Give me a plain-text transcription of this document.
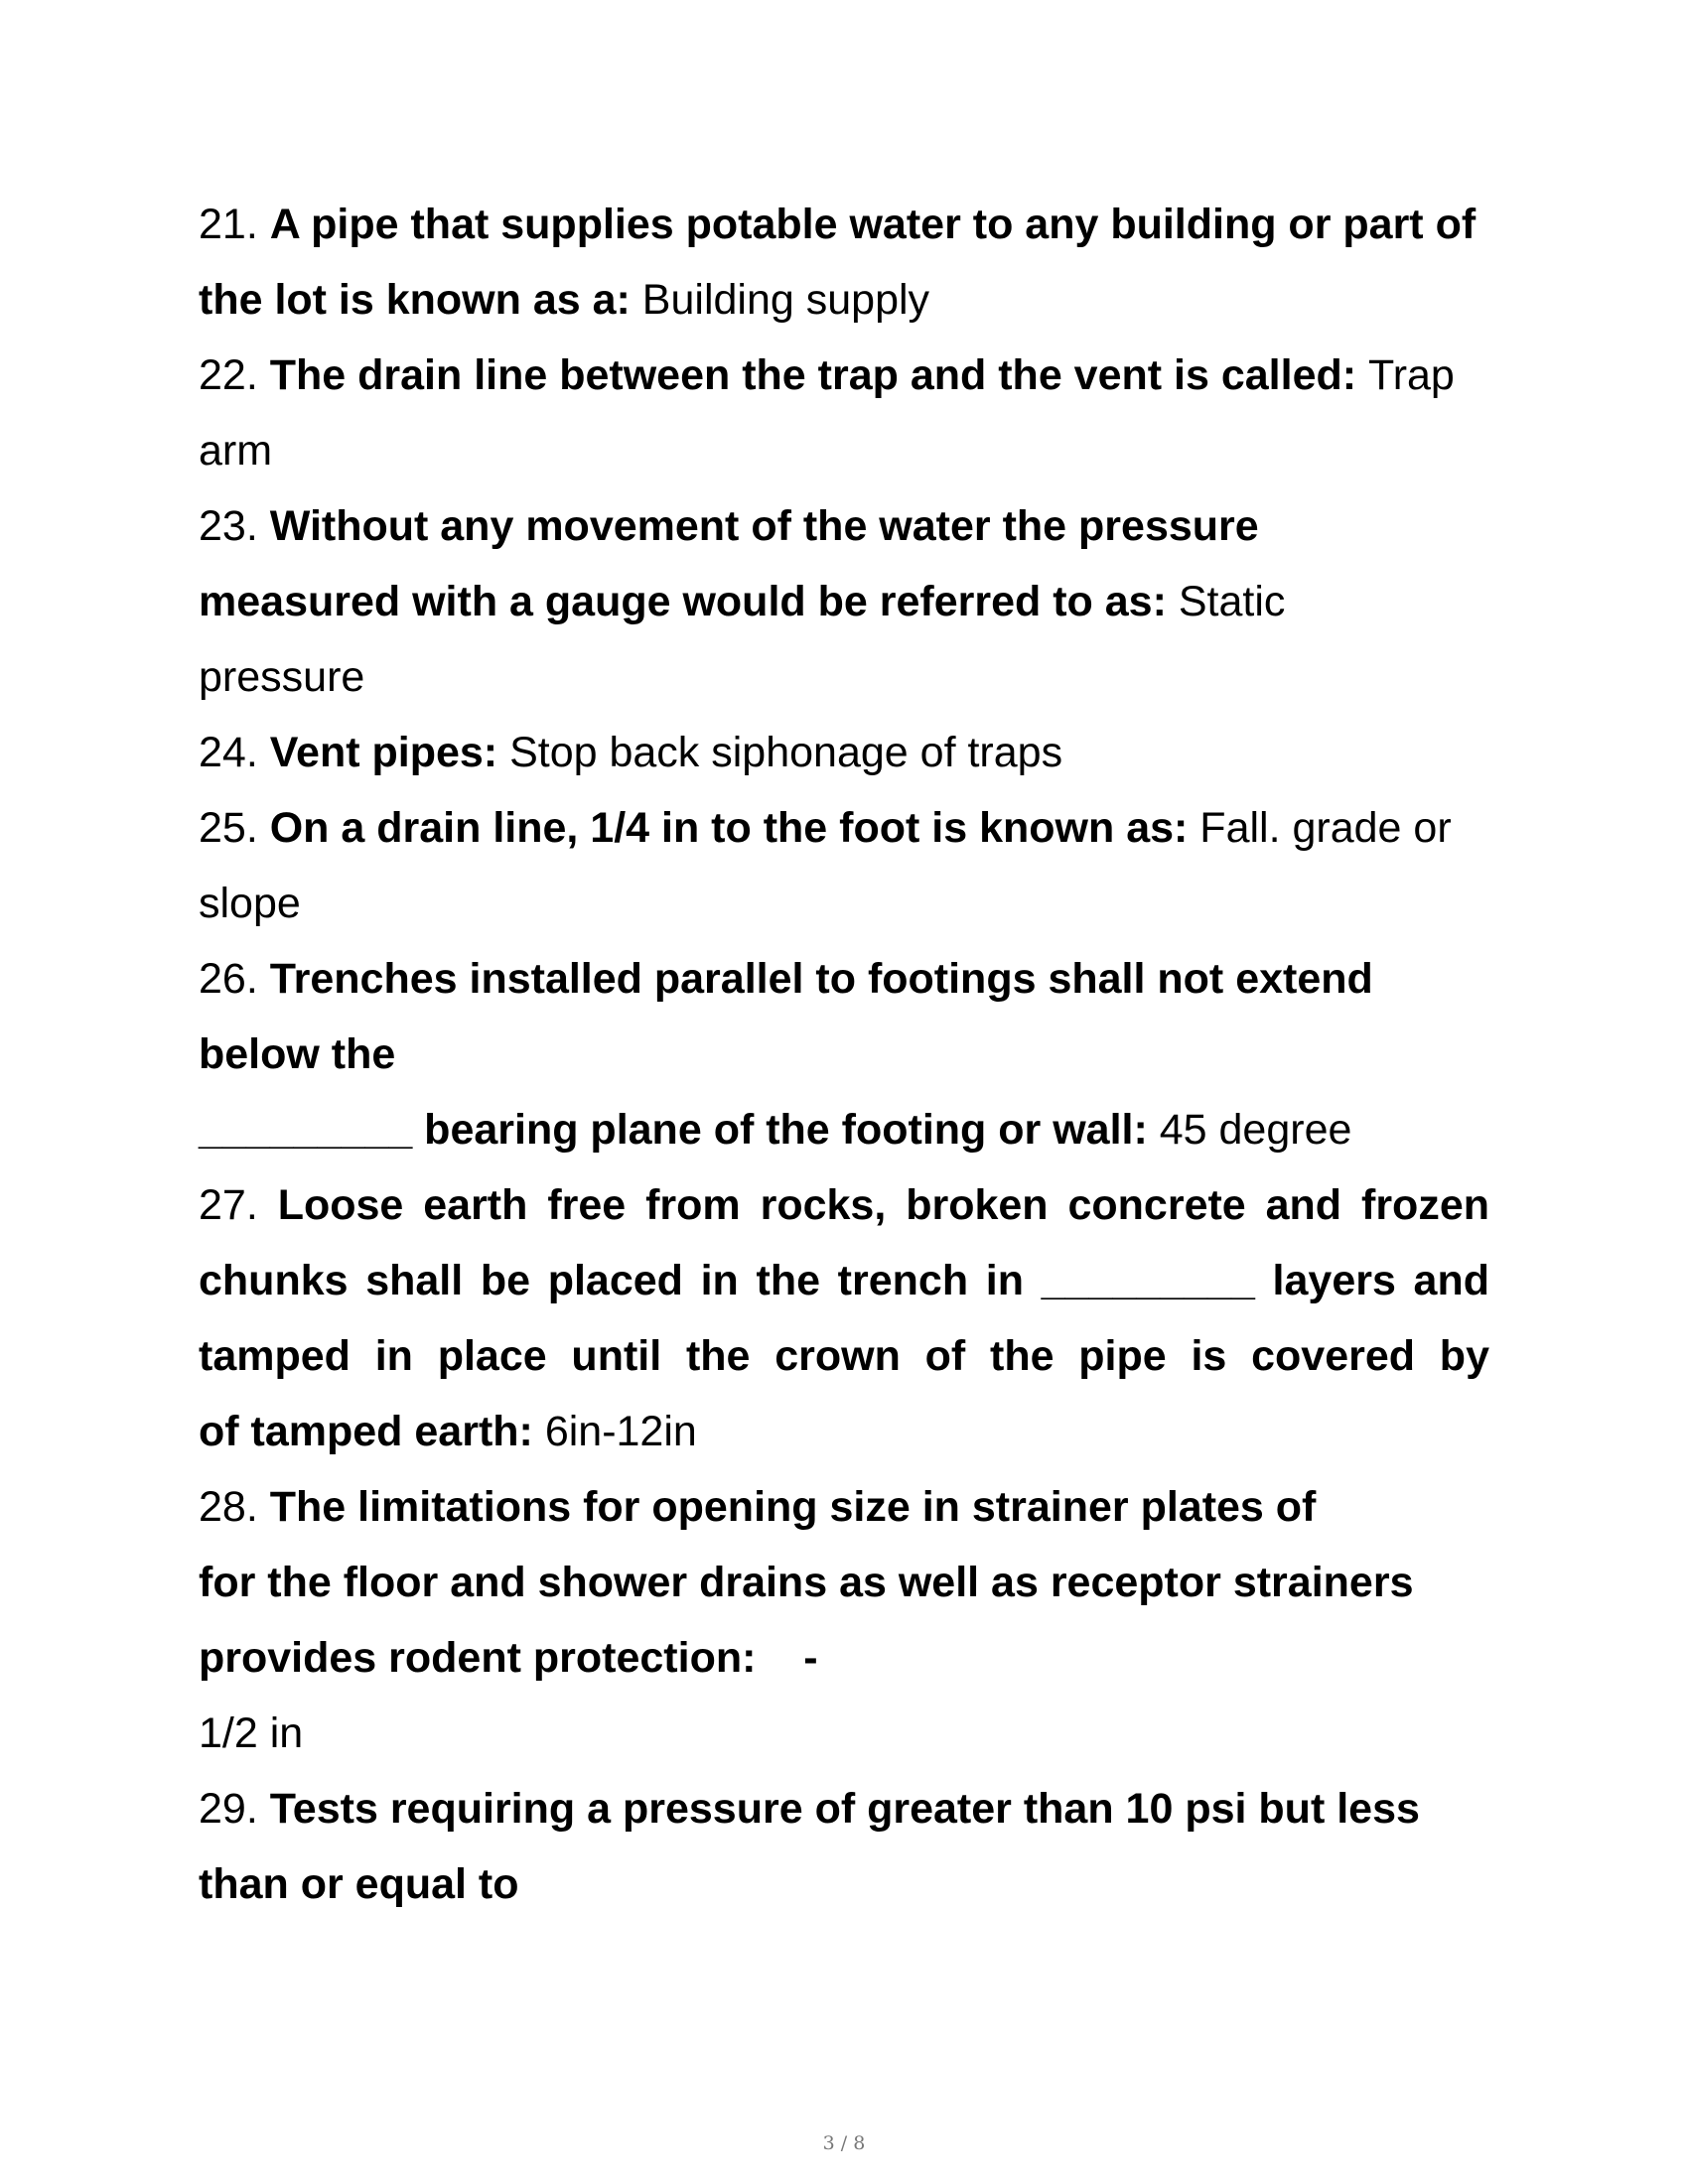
21. A pipe that supplies potable water to any building or part of
the lot is known as a: Building supply
22. The drain line between the trap and the vent is called: Trap
arm
23. Without any movement of the water the pressure
measured with a gauge would be referred to as: Static
pressure
24. Vent pipes: Stop back siphonage of traps
25. On a drain line, 1/4 in to the foot is known as: Fall. grade or
slope
26. Trenches installed parallel to footings shall not extend
below the
_________ bearing plane of the footing or wall: 45 degree
27. Loose earth free from rocks, broken concrete and frozen
chunks shall be placed in the trench in _________ layers and
tamped in place until the crown of the pipe is covered by
of tamped earth: 6in-12in
28. The limitations for opening size in strainer plates of
for the floor and shower drains as well as receptor strainers
provides rodent protection:    -
1/2 in
29. Tests requiring a pressure of greater than 10 psi but less
than or equal to
3 / 8
